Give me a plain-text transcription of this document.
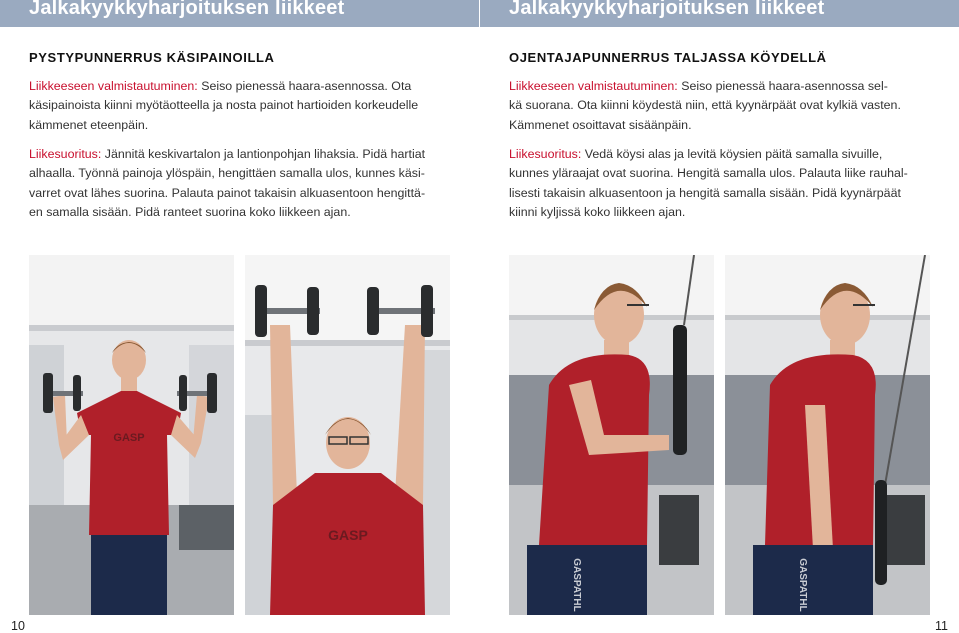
Jalkakyykkyharjoituksen liikkeet	Jalkakyykkyharjoituksen liikkeet
PYSTYPUNNERRUS KÄSIPAINOILLA
Liikkeeseen valmistautuminen: Seiso pienessä haara-asennossa. Ota
käsipainoista kiinni myötäotteella ja nosta painot hartioiden korkeudelle
kämmenet eteenpäin.
Liikesuoritus: Jännitä keskivartalon ja lantionpohjan lihaksia. Pidä hartiat
alhaalla. Työnnä painoja ylöspäin, hengittäen samalla ulos, kunnes käsi-
varret ovat lähes suorina. Palauta painot takaisin alkuasentoon hengittä-
en samalla sisään. Pidä ranteet suorina koko liikkeen ajan.
GASP
GASP
10
OJENTAJAPUNNERRUS TALJASSA KÖYDELLÄ
Liikkeeseen valmistautuminen: Seiso pienessä haara-asennossa sel-
kä suorana. Ota kiinni köydestä niin, että kyynärpäät ovat kylkiä vasten.
Kämmenet osoittavat sisäänpäin.
Liikesuoritus: Vedä köysi alas ja levitä köysien päitä samalla sivuille,
kunnes yläraajat ovat suorina. Hengitä samalla ulos. Palauta liike rauhal-
lisesti takaisin alkuasentoon ja hengitä samalla sisään. Pidä kyynärpäät
kiinni kyljissä koko liikkeen ajan.
GASPATHL	GASPATHL
11
